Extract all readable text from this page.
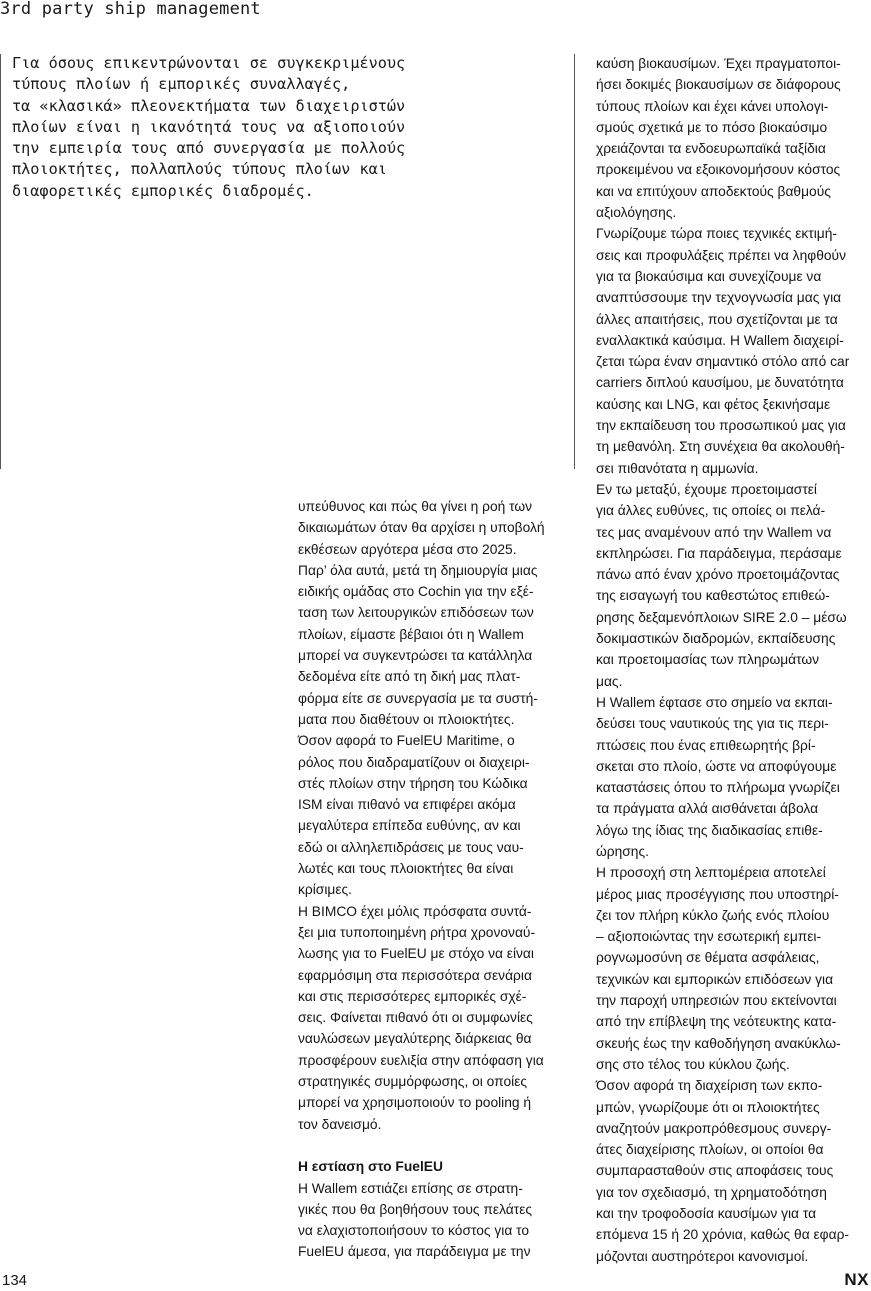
3rd party ship management
Για όσους επικεντρώνονται σε συγκεκριμένους
τύπους πλοίων ή εμπορικές συναλλαγές,
τα «κλασικά» πλεονεκτήματα των διαχειριστών
πλοίων είναι η ικανότητά τους να αξιοποιούν
την εμπειρία τους από συνεργασία με πολλούς
πλοιοκτήτες, πολλαπλούς τύπους πλοίων και
διαφορετικές εμπορικές διαδρομές.
υπεύθυνος και πώς θα γίνει η ροή των
δικαιωμάτων όταν θα αρχίσει η υποβολή
εκθέσεων αργότερα μέσα στο 2025.
Παρ’ όλα αυτά, μετά τη δημιουργία μιας
ειδικής ομάδας στο Cochin για την εξέ-
ταση των λειτουργικών επιδόσεων των
πλοίων, είμαστε βέβαιοι ότι η Wallem
μπορεί να συγκεντρώσει τα κατάλληλα
δεδομένα είτε από τη δική μας πλατ-
φόρμα είτε σε συνεργασία με τα συστή-
ματα που διαθέτουν οι πλοιοκτήτες.
Όσον αφορά το FuelEU Maritime, ο
ρόλος που διαδραματίζουν οι διαχειρι-
στές πλοίων στην τήρηση του Κώδικα
ISM είναι πιθανό να επιφέρει ακόμα
μεγαλύτερα επίπεδα ευθύνης, αν και
εδώ οι αλληλεπιδράσεις με τους ναυ-
λωτές και τους πλοιοκτήτες θα είναι
κρίσιμες.
Η BIMCO έχει μόλις πρόσφατα συντά-
ξει μια τυποποιημένη ρήτρα χρονοναύ-
λωσης για το FuelEU με στόχο να είναι
εφαρμόσιμη στα περισσότερα σενάρια
και στις περισσότερες εμπορικές σχέ-
σεις. Φαίνεται πιθανό ότι οι συμφωνίες
ναυλώσεων μεγαλύτερης διάρκειας θα
προσφέρουν ευελιξία στην απόφαση για
στρατηγικές συμμόρφωσης, οι οποίες
μπορεί να χρησιμοποιούν το pooling ή
τον δανεισμό.
Η εστίαση στο FuelEU
Η Wallem εστιάζει επίσης σε στρατη-
γικές που θα βοηθήσουν τους πελάτες
να ελαχιστοποιήσουν το κόστος για το
FuelEU άμεσα, για παράδειγμα με την
καύση βιοκαυσίμων. Έχει πραγματοποι-
ήσει δοκιμές βιοκαυσίμων σε διάφορους
τύπους πλοίων και έχει κάνει υπολογι-
σμούς σχετικά με το πόσο βιοκαύσιμο
χρειάζονται τα ενδοευρωπαϊκά ταξίδια
προκειμένου να εξοικονομήσουν κόστος
και να επιτύχουν αποδεκτούς βαθμούς
αξιολόγησης.
Γνωρίζουμε τώρα ποιες τεχνικές εκτιμή-
σεις και προφυλάξεις πρέπει να ληφθούν
για τα βιοκαύσιμα και συνεχίζουμε να
αναπτύσσουμε την τεχνογνωσία μας για
άλλες απαιτήσεις, που σχετίζονται με τα
εναλλακτικά καύσιμα. Η Wallem διαχειρί-
ζεται τώρα έναν σημαντικό στόλο από car
carriers διπλού καυσίμου, με δυνατότητα
καύσης και LNG, και φέτος ξεκινήσαμε
την εκπαίδευση του προσωπικού μας για
τη μεθανόλη. Στη συνέχεια θα ακολουθή-
σει πιθανότατα η αμμωνία.
Εν τω μεταξύ, έχουμε προετοιμαστεί
για άλλες ευθύνες, τις οποίες οι πελά-
τες μας αναμένουν από την Wallem να
εκπληρώσει. Για παράδειγμα, περάσαμε
πάνω από έναν χρόνο προετοιμάζοντας
της εισαγωγή του καθεστώτος επιθεώ-
ρησης δεξαμενόπλοιων SIRE 2.0 – μέσω
δοκιμαστικών διαδρομών, εκπαίδευσης
και προετοιμασίας των πληρωμάτων
μας.
Η Wallem έφτασε στο σημείο να εκπαι-
δεύσει τους ναυτικούς της για τις περι-
πτώσεις που ένας επιθεωρητής βρί-
σκεται στο πλοίο, ώστε να αποφύγουμε
καταστάσεις όπου το πλήρωμα γνωρίζει
τα πράγματα αλλά αισθάνεται άβολα
λόγω της ίδιας της διαδικασίας επιθε-
ώρησης.
Η προσοχή στη λεπτομέρεια αποτελεί
μέρος μιας προσέγγισης που υποστηρί-
ζει τον πλήρη κύκλο ζωής ενός πλοίου
– αξιοποιώντας την εσωτερική εμπει-
ρογνωμοσύνη σε θέματα ασφάλειας,
τεχνικών και εμπορικών επιδόσεων για
την παροχή υπηρεσιών που εκτείνονται
από την επίβλεψη της νεότευκτης κατα-
σκευής έως την καθοδήγηση ανακύκλω-
σης στο τέλος του κύκλου ζωής.
Όσον αφορά τη διαχείριση των εκπο-
μπών, γνωρίζουμε ότι οι πλοιοκτήτες
αναζητούν μακροπρόθεσμους συνεργ-
άτες διαχείρισης πλοίων, οι οποίοι θα
συμπαρασταθούν στις αποφάσεις τους
για τον σχεδιασμό, τη χρηματοδότηση
και την τροφοδοσία καυσίμων για τα
επόμενα 15 ή 20 χρόνια, καθώς θα εφαρ-
μόζονται αυστηρότεροι κανονισμοί.
134	NX
